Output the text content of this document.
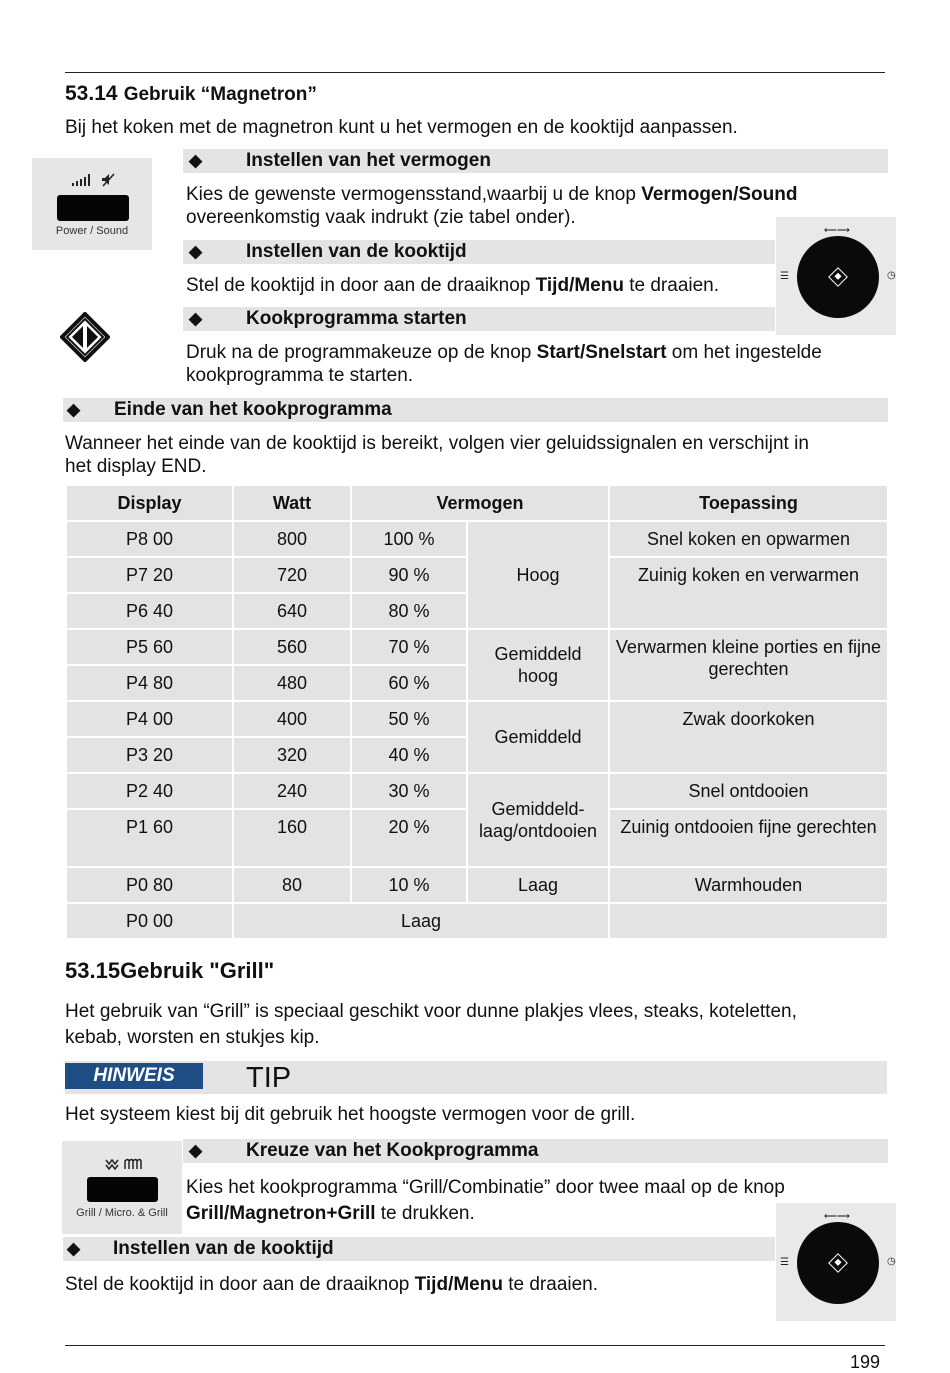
53.14 Gebruik “Magnetron”
Bij het koken met de magnetron kunt u het vermogen en de kooktijd aanpassen.
Power / Sound
◆ Instellen van het vermogen
Kies de gewenste vermogensstand,waarbij u de knop Vermogen/Sound
overeenkomstig vaak indrukt (zie tabel onder).
◆ Instellen van de kooktijd
Stel de kooktijd in door aan de draaiknop Tijd/Menu te draaien.
⟵⟶
☰	◷
◆ Kookprogramma starten
Druk na de programmakeuze op de knop Start/Snelstart om het ingestelde
kookprogramma te starten.
◆ Einde van het kookprogramma
Wanneer het einde van de kooktijd is bereikt, volgen vier geluidssignalen en verschijnt in
het display END.
Display	Watt	Vermogen		Toepassing
P8 00	800	100 %	Hoog	Snel koken en opwarmen
P7 20	720	90 %		Zuinig koken en verwarmen
P6 40	640	80 %		
P5 60	560	70 %	Gemiddeld hoog	Verwarmen kleine porties en fijne gerechten
P4 80	480	60 %		
P4 00	400	50 %	Gemiddeld	Zwak doorkoken
P3 20	320	40 %		
P2 40	240	30 %	Gemiddeld-laag/ontdooien	Snel ontdooien
P1 60	160	20 %		Zuinig ontdooien fijne gerechten
P0 80	80	10 %	Laag	Warmhouden
P0 00	Laag			
53.15Gebruik "Grill"
Het gebruik van “Grill” is speciaal geschikt voor dunne plakjes vlees, steaks, koteletten,
kebab, worsten en stukjes kip.
HINWEIS	TIP
Het systeem kiest bij dit gebruik het hoogste vermogen voor de grill.
Grill / Micro. & Grill
◆ Kreuze van het Kookprogramma
Kies het kookprogramma “Grill/Combinatie” door twee maal op de knop
Grill/Magnetron+Grill te drukken.	⟵⟶
☰	◷
◆ Instellen van de kooktijd
Stel de kooktijd in door aan de draaiknop Tijd/Menu te draaien.
199
